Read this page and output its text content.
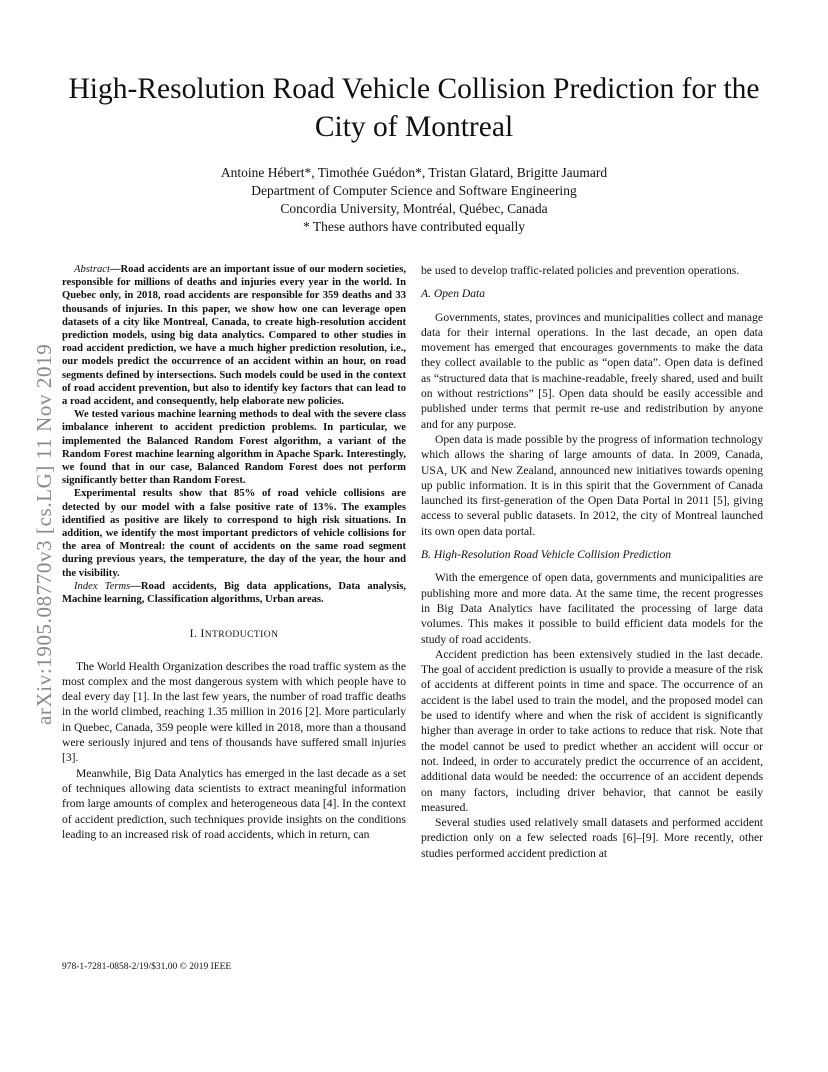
arXiv:1905.08770v3 [cs.LG] 11 Nov 2019
High-Resolution Road Vehicle Collision Prediction for the City of Montreal
Antoine Hébert*, Timothée Guédon*, Tristan Glatard, Brigitte Jaumard
Department of Computer Science and Software Engineering
Concordia University, Montréal, Québec, Canada
* These authors have contributed equally

Abstract—Road accidents are an important issue of our modern societies, responsible for millions of deaths and injuries every year in the world. In Quebec only, in 2018, road accidents are responsible for 359 deaths and 33 thousands of injuries. In this paper, we show how one can leverage open datasets of a city like Montreal, Canada, to create high-resolution accident prediction models, using big data analytics. Compared to other studies in road accident prediction, we have a much higher prediction resolution, i.e., our models predict the occurrence of an accident within an hour, on road segments defined by intersections. Such models could be used in the context of road accident prevention, but also to identify key factors that can lead to a road accident, and consequently, help elaborate new policies.

We tested various machine learning methods to deal with the severe class imbalance inherent to accident prediction problems. In particular, we implemented the Balanced Random Forest algorithm, a variant of the Random Forest machine learning algorithm in Apache Spark. Interestingly, we found that in our case, Balanced Random Forest does not perform significantly better than Random Forest.

Experimental results show that 85% of road vehicle collisions are detected by our model with a false positive rate of 13%. The examples identified as positive are likely to correspond to high risk situations. In addition, we identify the most important predictors of vehicle collisions for the area of Montreal: the count of accidents on the same road segment during previous years, the temperature, the day of the year, the hour and the visibility.

Index Terms—Road accidents, Big data applications, Data analysis, Machine learning, Classification algorithms, Urban areas.

I. INTRODUCTION

The World Health Organization describes the road traffic system as the most complex and the most dangerous system with which people have to deal every day [1]. In the last few years, the number of road traffic deaths in the world climbed, reaching 1.35 million in 2016 [2]. More particularly in Quebec, Canada, 359 people were killed in 2018, more than a thousand were seriously injured and tens of thousands have suffered small injuries [3].

Meanwhile, Big Data Analytics has emerged in the last decade as a set of techniques allowing data scientists to extract meaningful information from large amounts of complex and heterogeneous data [4]. In the context of accident prediction, such techniques provide insights on the conditions leading to an increased risk of road accidents, which in return, can

be used to develop traffic-related policies and prevention operations.

A. Open Data

Governments, states, provinces and municipalities collect and manage data for their internal operations. In the last decade, an open data movement has emerged that encourages governments to make the data they collect available to the public as “open data”. Open data is defined as “structured data that is machine-readable, freely shared, used and built on without restrictions” [5]. Open data should be easily accessible and published under terms that permit re-use and redistribution by anyone and for any purpose.

Open data is made possible by the progress of information technology which allows the sharing of large amounts of data. In 2009, Canada, USA, UK and New Zealand, announced new initiatives towards opening up public information. It is in this spirit that the Government of Canada launched its first-generation of the Open Data Portal in 2011 [5], giving access to several public datasets. In 2012, the city of Montreal launched its own open data portal.

B. High-Resolution Road Vehicle Collision Prediction

With the emergence of open data, governments and municipalities are publishing more and more data. At the same time, the recent progresses in Big Data Analytics have facilitated the processing of large data volumes. This makes it possible to build efficient data models for the study of road accidents.

Accident prediction has been extensively studied in the last decade. The goal of accident prediction is usually to provide a measure of the risk of accidents at different points in time and space. The occurrence of an accident is the label used to train the model, and the proposed model can be used to identify where and when the risk of accident is significantly higher than average in order to take actions to reduce that risk. Note that the model cannot be used to predict whether an accident will occur or not. Indeed, in order to accurately predict the occurrence of an accident, additional data would be needed: the occurrence of an accident depends on many factors, including driver behavior, that cannot be easily measured.

Several studies used relatively small datasets and performed accident prediction only on a few selected roads [6]–[9]. More recently, other studies performed accident prediction at

978-1-7281-0858-2/19/$31.00 © 2019 IEEE
